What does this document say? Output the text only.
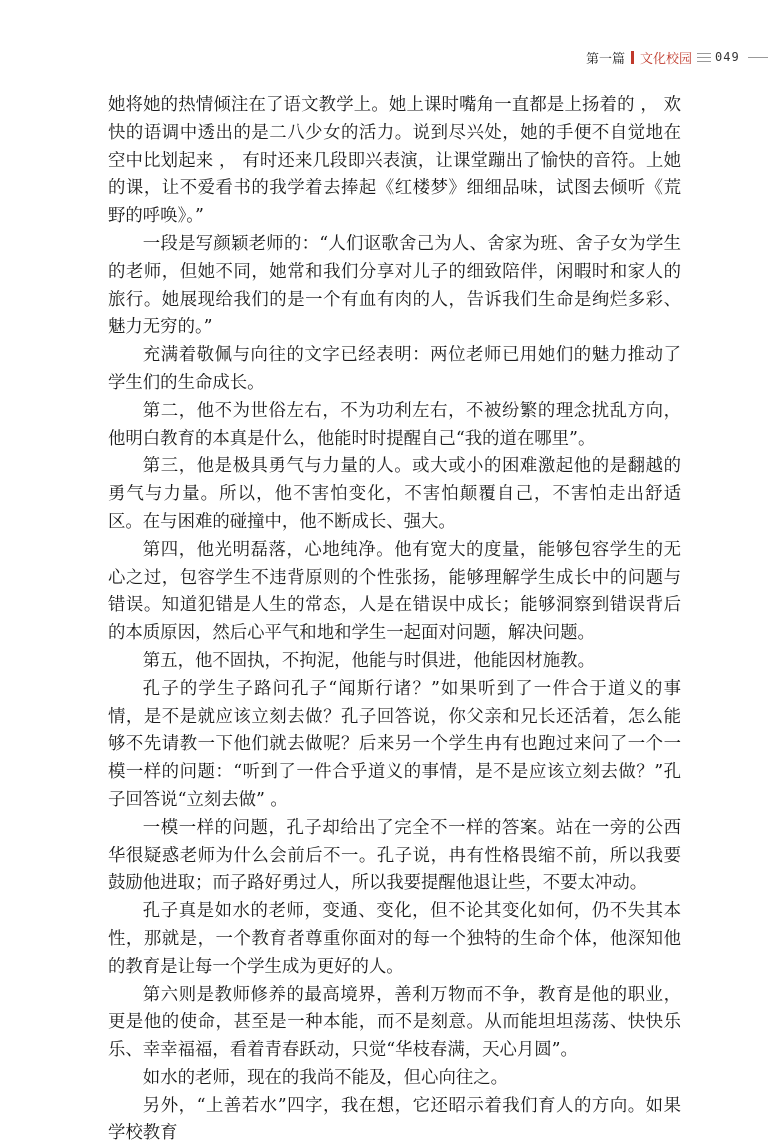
第一篇 文化校园 049

她将她的热情倾注在了语文教学上。她上课时嘴角一直都是上扬着的 ， 欢快的语调中透出的是二八少女的活力。说到尽兴处，她的手便不自觉地在空中比划起来 ， 有时还来几段即兴表演，让课堂蹦出了愉快的音符。上她的课，让不爱看书的我学着去捧起《红楼梦》细细品味，试图去倾听《荒野的呼唤》。”

一段是写颜颖老师的：“人们讴歌舍己为人、舍家为班、舍子女为学生的老师，但她不同，她常和我们分享对儿子的细致陪伴，闲暇时和家人的旅行。她展现给我们的是一个有血有肉的人，告诉我们生命是绚烂多彩、魅力无穷的。”

充满着敬佩与向往的文字已经表明：两位老师已用她们的魅力推动了学生们的生命成长。

第二，他不为世俗左右，不为功利左右，不被纷繁的理念扰乱方向，他明白教育的本真是什么，他能时时提醒自己“我的道在哪里”。

第三，他是极具勇气与力量的人。或大或小的困难激起他的是翻越的勇气与力量。所以，他不害怕变化，不害怕颠覆自己，不害怕走出舒适区。在与困难的碰撞中，他不断成长、强大。

第四，他光明磊落，心地纯净。他有宽大的度量，能够包容学生的无心之过，包容学生不违背原则的个性张扬，能够理解学生成长中的问题与错误。知道犯错是人生的常态，人是在错误中成长；能够洞察到错误背后的本质原因，然后心平气和地和学生一起面对问题，解决问题。

第五，他不固执，不拘泥，他能与时俱进，他能因材施教。

孔子的学生子路问孔子“闻斯行诸？”如果听到了一件合于道义的事情，是不是就应该立刻去做？孔子回答说，你父亲和兄长还活着，怎么能够不先请教一下他们就去做呢？后来另一个学生冉有也跑过来问了一个一模一样的问题：“听到了一件合乎道义的事情，是不是应该立刻去做？”孔子回答说“立刻去做” 。

一模一样的问题，孔子却给出了完全不一样的答案。站在一旁的公西华很疑惑老师为什么会前后不一。孔子说，冉有性格畏缩不前，所以我要鼓励他进取；而子路好勇过人，所以我要提醒他退让些，不要太冲动。

孔子真是如水的老师，变通、变化，但不论其变化如何，仍不失其本性，那就是，一个教育者尊重你面对的每一个独特的生命个体，他深知他的教育是让每一个学生成为更好的人。

第六则是教师修养的最高境界，善利万物而不争，教育是他的职业，更是他的使命，甚至是一种本能，而不是刻意。从而能坦坦荡荡、快快乐乐、幸幸福福，看着青春跃动，只觉“华枝春满，天心月圆”。

如水的老师，现在的我尚不能及，但心向往之。

另外，“上善若水”四字，我在想，它还昭示着我们育人的方向。如果学校教育
